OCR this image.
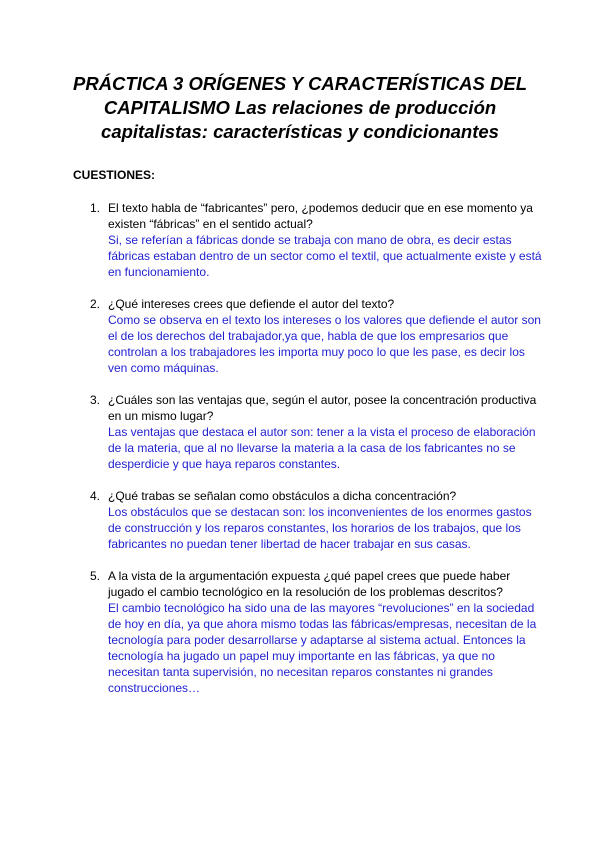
PRÁCTICA 3 ORÍGENES Y CARACTERÍSTICAS DEL CAPITALISMO Las relaciones de producción capitalistas: características y condicionantes

CUESTIONES:

1. El texto habla de “fabricantes” pero, ¿podemos deducir que en ese momento ya existen “fábricas” en el sentido actual?
Si, se referían a fábricas donde se trabaja con mano de obra, es decir estas fábricas estaban dentro de un sector como el textil, que actualmente existe y está en funcionamiento.
2. ¿Qué intereses crees que defiende el autor del texto?
Como se observa en el texto los intereses o los valores que defiende el autor son el de los derechos del trabajador,ya que, habla de que los empresarios que controlan a los trabajadores les importa muy poco lo que les pase, es decir los ven como máquinas.
3. ¿Cuáles son las ventajas que, según el autor, posee la concentración productiva en un mismo lugar?
Las ventajas que destaca el autor son: tener a la vista el proceso de elaboración de la materia, que al no llevarse la materia a la casa de los fabricantes no se desperdicie y que haya reparos constantes.
4. ¿Qué trabas se señalan como obstáculos a dicha concentración?
Los obstáculos que se destacan son: los inconvenientes de los enormes gastos de construcción y los reparos constantes, los horarios de los trabajos, que los fabricantes no puedan tener libertad de hacer trabajar en sus casas.
5. A la vista de la argumentación expuesta ¿qué papel crees que puede haber jugado el cambio tecnológico en la resolución de los problemas descritos?
El cambio tecnológico ha sido una de las mayores “revoluciones” en la sociedad de hoy en día, ya que ahora mismo todas las fábricas/empresas, necesitan de la tecnología para poder desarrollarse y adaptarse al sistema actual. Entonces la tecnología ha jugado un papel muy importante en las fábricas, ya que no necesitan tanta supervisión, no necesitan reparos constantes ni grandes construcciones…
